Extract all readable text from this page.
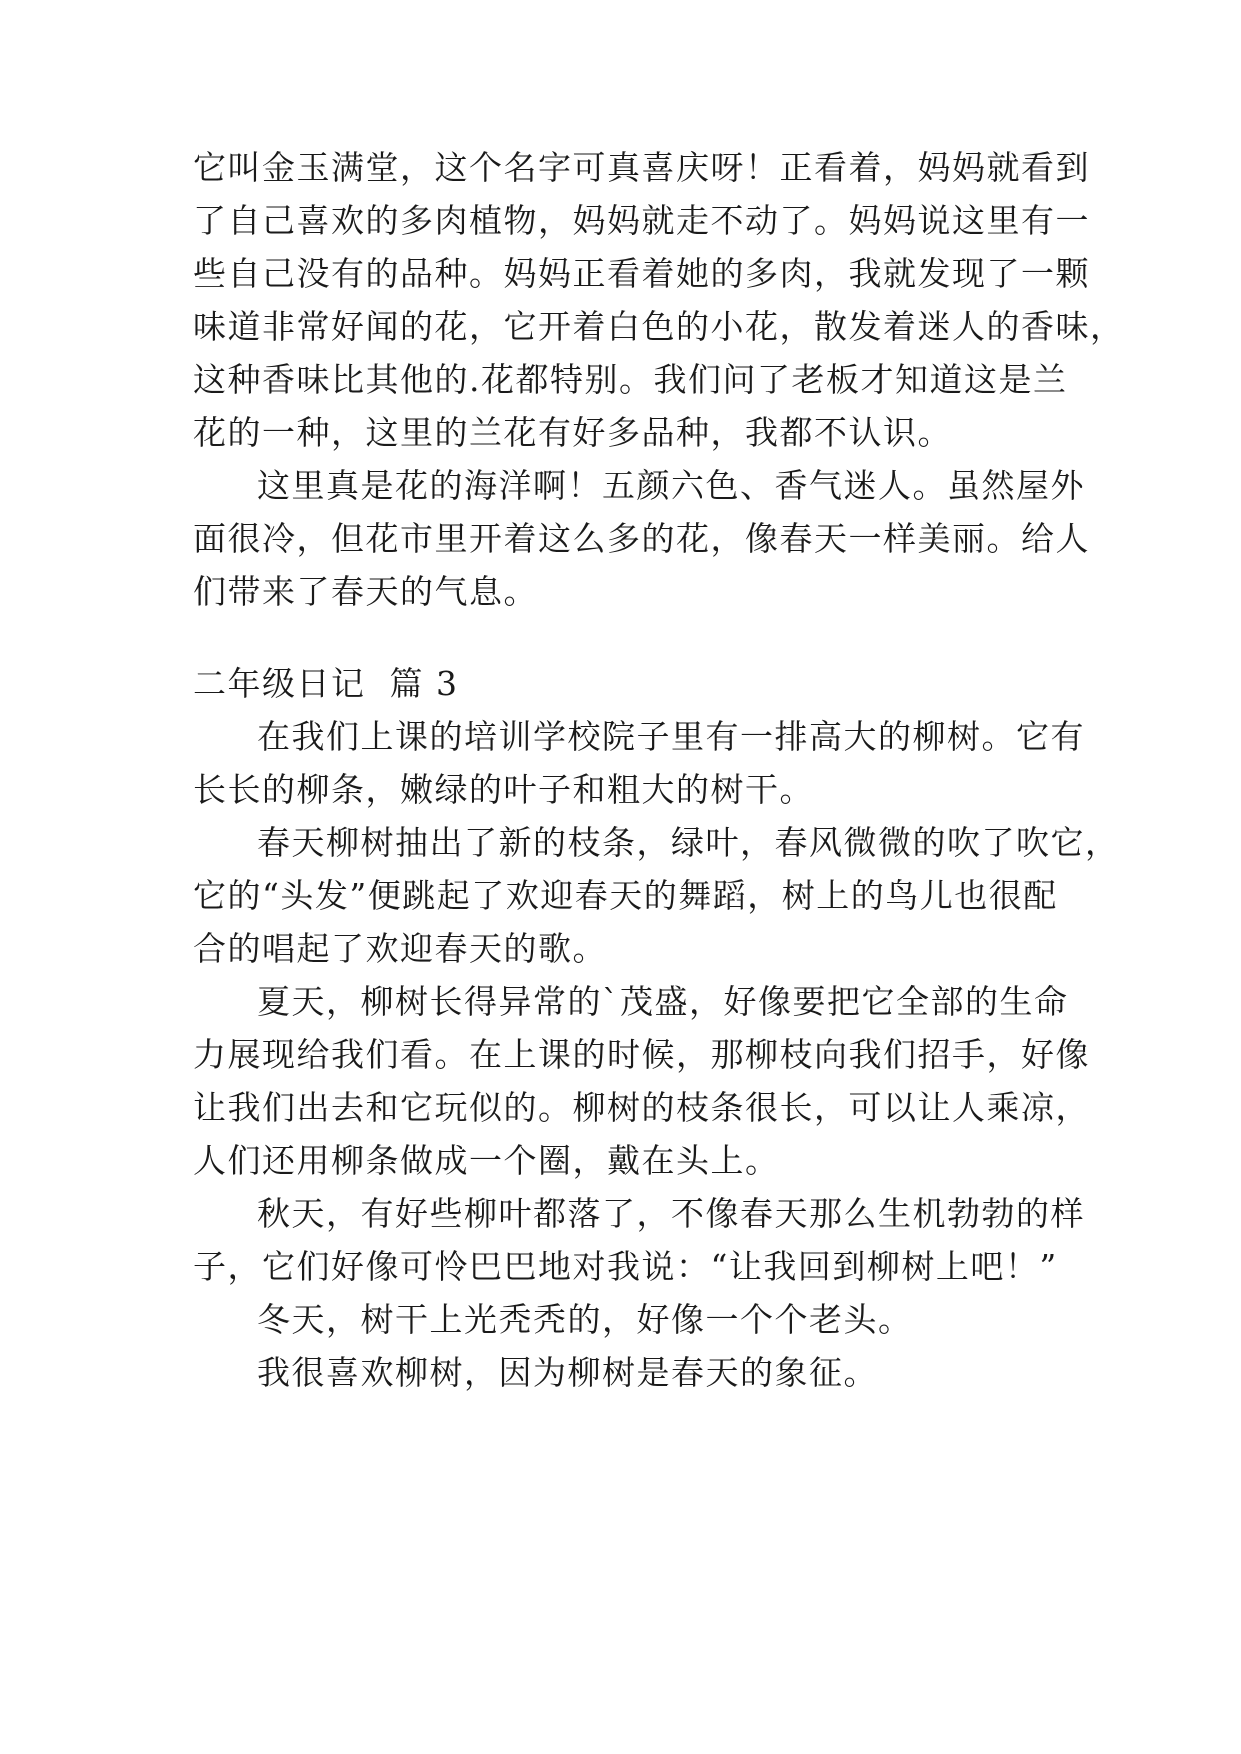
它叫金玉满堂，这个名字可真喜庆呀！正看着，妈妈就看到
了自己喜欢的多肉植物，妈妈就走不动了。妈妈说这里有一
些自己没有的品种。妈妈正看着她的多肉，我就发现了一颗
味道非常好闻的花，它开着白色的小花，散发着迷人的香味，
这种香味比其他的.花都特别。我们问了老板才知道这是兰
花的一种，这里的兰花有好多品种，我都不认识。
这里真是花的海洋啊！五颜六色、香气迷人。虽然屋外
面很冷，但花市里开着这么多的花，像春天一样美丽。给人
们带来了春天的气息。
二年级日记  篇 3
在我们上课的培训学校院子里有一排高大的柳树。它有
长长的柳条，嫩绿的叶子和粗大的树干。
春天柳树抽出了新的枝条，绿叶，春风微微的吹了吹它，
它的“头发”便跳起了欢迎春天的舞蹈，树上的鸟儿也很配
合的唱起了欢迎春天的歌。
夏天，柳树长得异常的`茂盛，好像要把它全部的生命
力展现给我们看。在上课的时候，那柳枝向我们招手，好像
让我们出去和它玩似的。柳树的枝条很长，可以让人乘凉，
人们还用柳条做成一个圈，戴在头上。
秋天，有好些柳叶都落了，不像春天那么生机勃勃的样
子，它们好像可怜巴巴地对我说：“让我回到柳树上吧！”
冬天，树干上光秃秃的，好像一个个老头。
我很喜欢柳树，因为柳树是春天的象征。
